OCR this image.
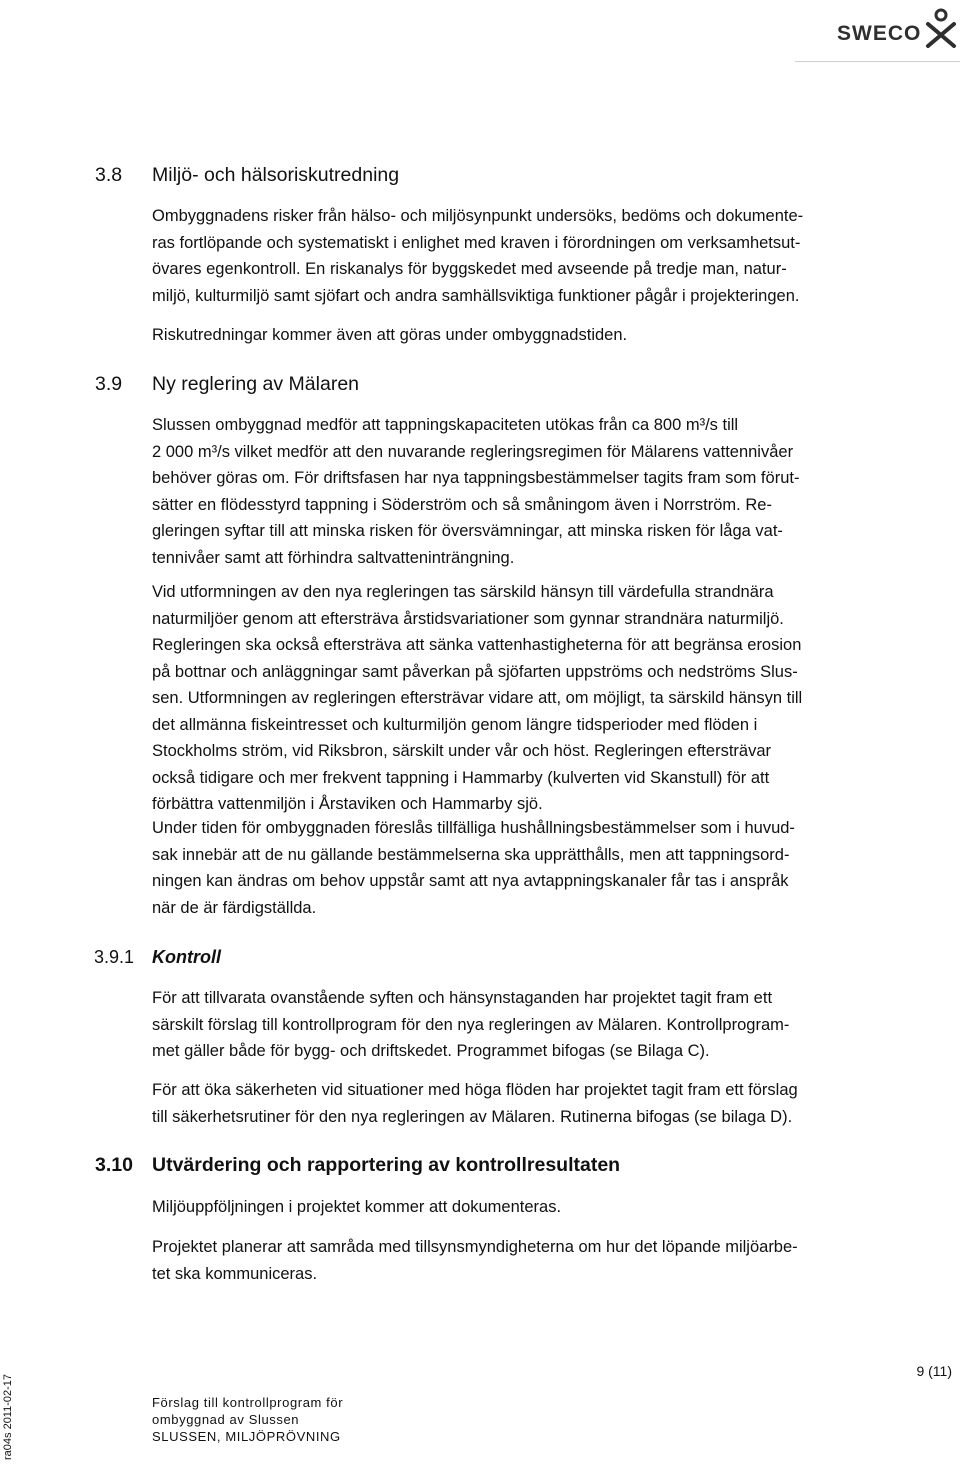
SWECO
3.8 Miljö- och hälsoriskutredning
Ombyggnadens risker från hälso- och miljösynpunkt undersöks, bedöms och dokumente-
ras fortlöpande och systematiskt i enlighet med kraven i förordningen om verksamhetsut-
övares egenkontroll. En riskanalys för byggskedet med avseende på tredje man, natur-
miljö, kulturmiljö samt sjöfart och andra samhällsviktiga funktioner pågår i projekteringen.
Riskutredningar kommer även att göras under ombyggnadstiden.
3.9 Ny reglering av Mälaren
Slussen ombyggnad medför att tappningskapaciteten utökas från ca 800 m³/s till
2 000 m³/s vilket medför att den nuvarande regleringsregimen för Mälarens vattennivåer
behöver göras om. För driftsfasen har nya tappningsbestämmelser tagits fram som förut-
sätter en flödesstyrd tappning i Söderström och så småningom även i Norrström. Re-
gleringen syftar till att minska risken för översvämningar, att minska risken för låga vat-
tennivåer samt att förhindra saltvatteninträngning.
Vid utformningen av den nya regleringen tas särskild hänsyn till värdefulla strandnära
naturmiljöer genom att eftersträva årstidsvariationer som gynnar strandnära naturmiljö.
Regleringen ska också eftersträva att sänka vattenhastigheterna för att begränsa erosion
på bottnar och anläggningar samt påverkan på sjöfarten uppströms och nedströms Slus-
sen. Utformningen av regleringen eftersträvar vidare att, om möjligt, ta särskild hänsyn till
det allmänna fiskeintresset och kulturmiljön genom längre tidsperioder med flöden i
Stockholms ström, vid Riksbron, särskilt under vår och höst. Regleringen eftersträvar
också tidigare och mer frekvent tappning i Hammarby (kulverten vid Skanstull) för att
förbättra vattenmiljön i Årstaviken och Hammarby sjö.
Under tiden för ombyggnaden föreslås tillfälliga hushållningsbestämmelser som i huvud-
sak innebär att de nu gällande bestämmelserna ska upprätthålls, men att tappningsord-
ningen kan ändras om behov uppstår samt att nya avtappningskanaler får tas i anspråk
när de är färdigställda.
3.9.1 Kontroll
För att tillvarata ovanstående syften och hänsynstaganden har projektet tagit fram ett
särskilt förslag till kontrollprogram för den nya regleringen av Mälaren. Kontrollprogram-
met gäller både för bygg- och driftskedet. Programmet bifogas (se Bilaga C).
För att öka säkerheten vid situationer med höga flöden har projektet tagit fram ett förslag
till säkerhetsrutiner för den nya regleringen av Mälaren. Rutinerna bifogas (se bilaga D).
3.10 Utvärdering och rapportering av kontrollresultaten
Miljöuppföljningen i projektet kommer att dokumenteras.
Projektet planerar att samråda med tillsynsmyndigheterna om hur det löpande miljöarbe-
tet ska kommuniceras.
9 (11)
Förslag till kontrollprogram för
ombyggnad av Slussen
SLUSSEN, MILJÖPRÖVNING
ra04s 2011-02-17
